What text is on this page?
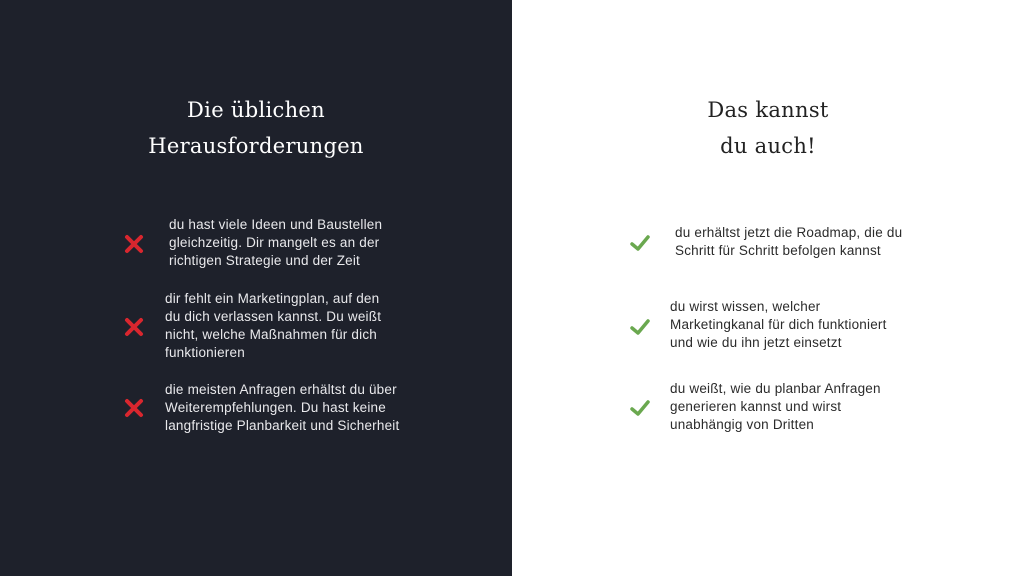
Die üblichen
Herausforderungen
du hast viele Ideen und Baustellen
gleichzeitig. Dir mangelt es an der
richtigen Strategie und der Zeit
dir fehlt ein Marketingplan, auf den
du dich verlassen kannst. Du weißt
nicht, welche Maßnahmen für dich
funktionieren
die meisten Anfragen erhältst du über
Weiterempfehlungen. Du hast keine
langfristige Planbarkeit und Sicherheit
Das kannst
du auch!
du erhältst jetzt die Roadmap, die du
Schritt für Schritt befolgen kannst
du wirst wissen, welcher
Marketingkanal für dich funktioniert
und wie du ihn jetzt einsetzt
du weißt, wie du planbar Anfragen
generieren kannst und wirst
unabhängig von Dritten
